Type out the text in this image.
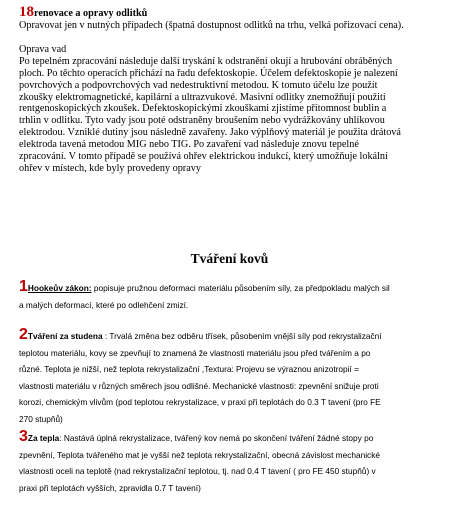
18renovace a opravy odlitků
Opravovat jen v nutných případech (špatná dostupnost odlitků na trhu, velká pořizovací cena).
Oprava vad
Po tepelném zpracování následuje další tryskání k odstranění okují a hrubování obráběných
ploch. Po těchto operacích přichází na řadu defektoskopie. Účelem defektoskopie je nalezení
povrchových a podpovrchových vad nedestruktivní metodou. K tomuto účelu lze použít
zkoušky elektromagnetické, kapilární a ultrazvukové. Masivní odlitky znemožňují použití
rentgenoskopických zkoušek. Defektoskopickými zkouškami zjistíme přítomnost bublin a
trhlin v odlitku. Tyto vady jsou poté odstraněny broušením nebo vydrážkovány uhlíkovou
elektrodou. Vzniklé dutiny jsou následně zavařeny. Jako výplňový materiál je použita drátová
elektroda tavená metodou MIG nebo TIG. Po zavaření vad následuje znovu tepelné
zpracování. V tomto případě se používá ohřev elektrickou indukcí, který umožňuje lokální
ohřev v místech, kde byly provedeny opravy
Tváření kovů
1Hookeův zákon: popisuje pružnou deformaci materiálu působením síly, za předpokladu malých sil
a malých deformací, které po odlehčení zmizí.
2Tváření za studena : Trvalá změna bez odběru třísek, působením vnější síly pod rekrystalizační
teplotou materiálu, kovy se zpevňují to znamená že vlastnosti materiálu jsou před tvářením a po
různé. Teplota je nižší, než teplota rekrystalizační ,Textura: Projevu se výraznou anizotropií =
vlastnosti materiálu v různých směrech jsou odlišné. Mechanické vlastnosti: zpevnění snižuje proti
korozi, chemickým vlivům (pod teplotou rekrystalizace, v praxi při teplotách do 0.3 T tavení (pro FE
270 stupňů)
3Za tepla: Nastává úplná rekrystalizace, tvářený kov nemá po skončení tváření žádné stopy po
zpevnění, Teplota tvářeného mat je vyšší než teplota rekrystalizační, obecná závislost mechanické
vlastnosti oceli na teplotě (nad rekrystalizační teplotou, tj. nad 0.4 T tavení ( pro FE 450 stupňů) v
praxi při teplotách vyšších, zpravidla 0.7 T tavení)
